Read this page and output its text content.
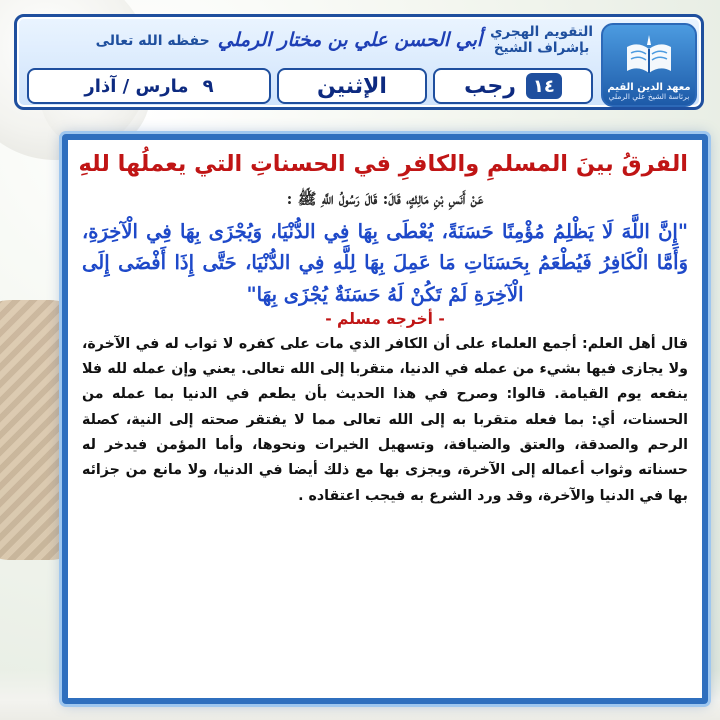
معهد الدين القيم
برئاسة الشيخ علي الرملي
التقويم الهجري
بإشراف الشيخ
أبي الحسن علي بن مختار الرملي
حفظه الله تعالى
١٤
رجب
الإثنين
٩
مارس / آذار
الفرقُ بينَ المسلمِ والكافرِ في الحسناتِ التي يعملُها للهِ
عَنْ أَنَسِ بْنِ مَالِكٍ، قَالَ: قَالَ رَسُولُ اللَّهِ ﷺ :
"إِنَّ اللَّهَ لَا يَظْلِمُ مُؤْمِنًا حَسَنَةً، يُعْطَى بِهَا فِي الدُّنْيَا، وَيُجْزَى بِهَا فِي الْآخِرَةِ، وَأَمَّا الْكَافِرُ فَيُطْعَمُ بِحَسَنَاتِ مَا عَمِلَ بِهَا لِلَّهِ فِي الدُّنْيَا، حَتَّى إِذَا أَفْضَى إِلَى الْآخِرَةِ لَمْ تَكُنْ لَهُ حَسَنَةٌ يُجْزَى بِهَا"
- أخرجه مسلم -
قال أهل العلم: أجمع العلماء على أن الكافر الذي مات على كفره لا ثواب له في الآخرة، ولا يجازى فيها بشيء من عمله في الدنيا، متقربا إلى الله تعالى. يعني وإن عمله لله فلا ينفعه يوم القيامة. قالوا: وصرح في هذا الحديث بأن يطعم في الدنيا بما عمله من الحسنات، أي: بما فعله متقربا به إلى الله تعالى مما لا يفتقر صحته إلى النية، كصلة الرحم والصدقة، والعتق والضيافة، وتسهيل الخيرات ونحوها، وأما المؤمن فيدخر له حسناته وثواب أعماله إلى الآخرة، ويجزى بها مع ذلك أيضا في الدنيا، ولا مانع من جزائه بها في الدنيا والآخرة، وقد ورد الشرع به فيجب اعتقاده .
